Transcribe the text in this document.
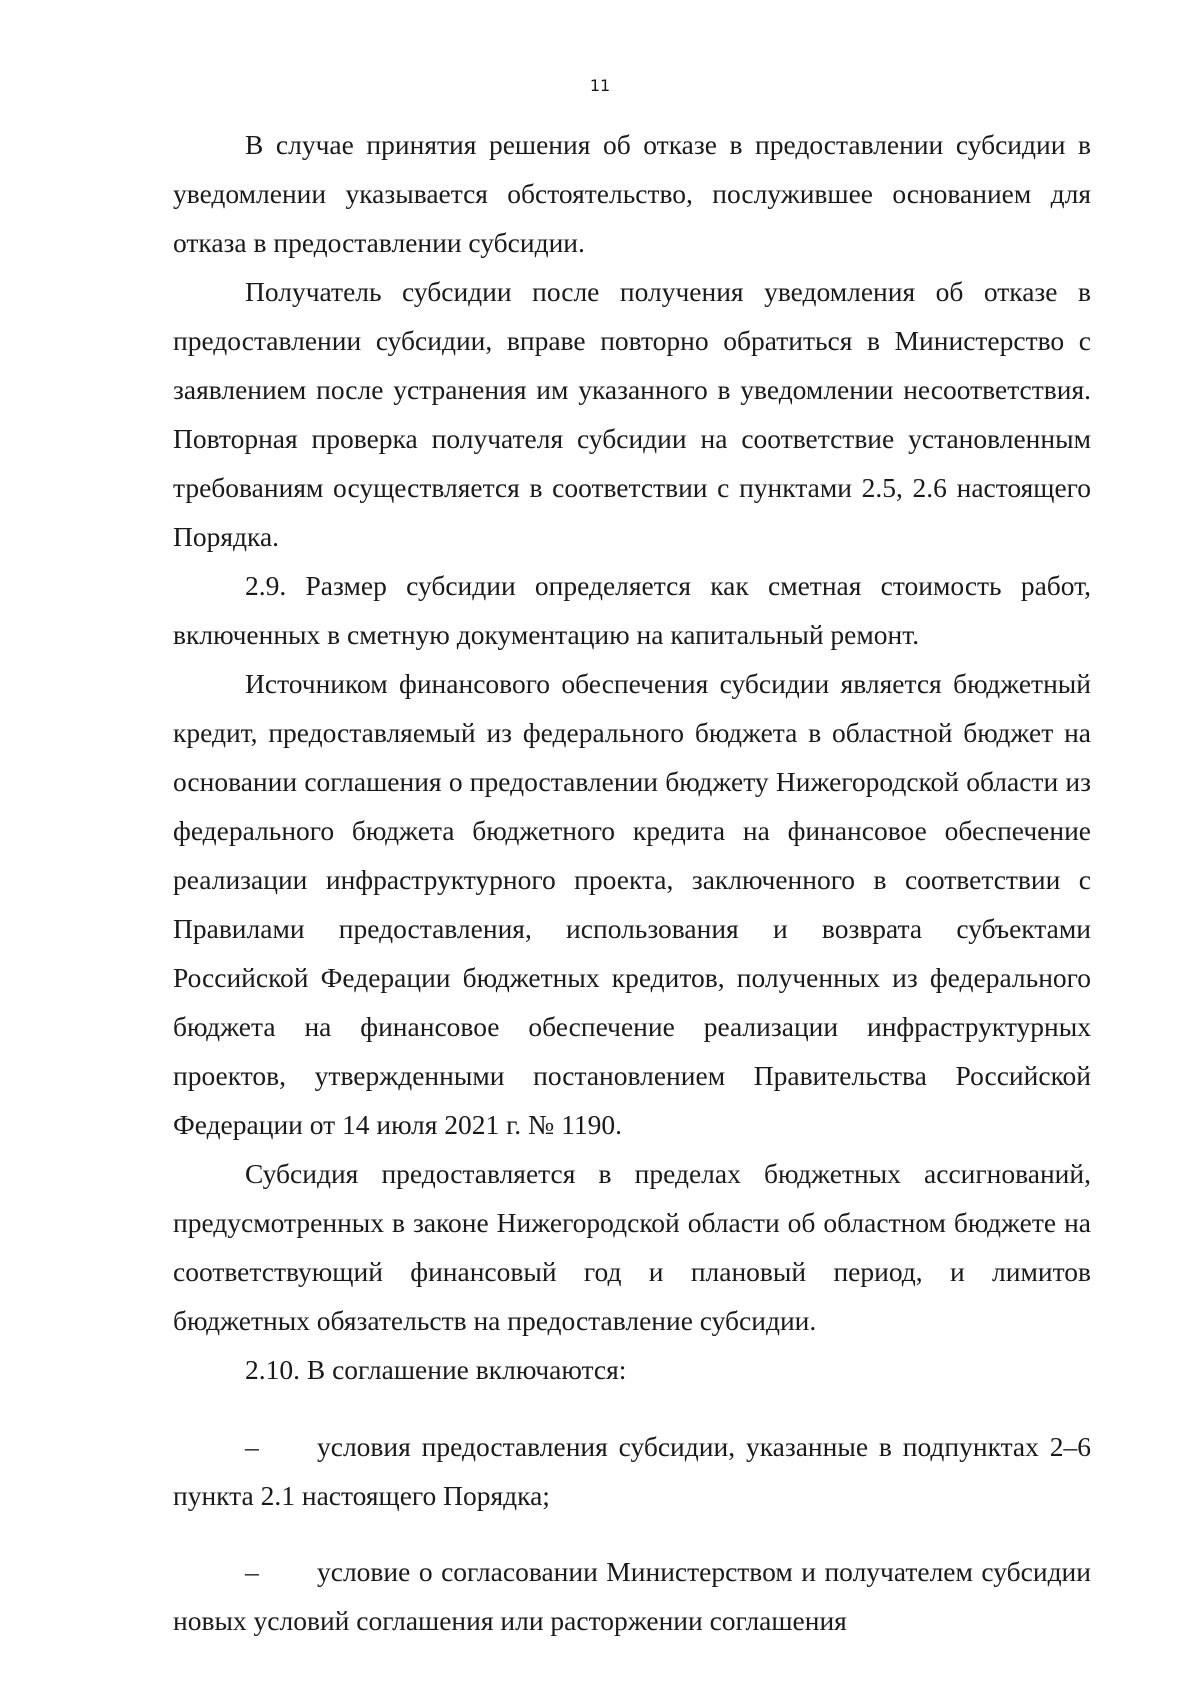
11

В случае принятия решения об отказе в предоставлении субсидии в уведомлении указывается обстоятельство, послужившее основанием для отказа в предоставлении субсидии.

Получатель субсидии после получения уведомления об отказе в предоставлении субсидии, вправе повторно обратиться в Министерство с заявлением после устранения им указанного в уведомлении несоответствия. Повторная проверка получателя субсидии на соответствие установленным требованиям осуществляется в соответствии с пунктами 2.5, 2.6 настоящего Порядка.

2.9. Размер субсидии определяется как сметная стоимость работ, включенных в сметную документацию на капитальный ремонт.

Источником финансового обеспечения субсидии является бюджетный кредит, предоставляемый из федерального бюджета в областной бюджет на основании соглашения о предоставлении бюджету Нижегородской области из федерального бюджета бюджетного кредита на финансовое обеспечение реализации инфраструктурного проекта, заключенного в соответствии с Правилами предоставления, использования и возврата субъектами Российской Федерации бюджетных кредитов, полученных из федерального бюджета на финансовое обеспечение реализации инфраструктурных проектов, утвержденными постановлением Правительства Российской Федерации от 14 июля 2021 г. № 1190.

Субсидия предоставляется в пределах бюджетных ассигнований, предусмотренных в законе Нижегородской области об областном бюджете на соответствующий финансовый год и плановый период, и лимитов бюджетных обязательств на предоставление субсидии.

2.10. В соглашение включаются:

– условия предоставления субсидии, указанные в подпунктах 2–6 пункта 2.1 настоящего Порядка;

– условие о согласовании Министерством и получателем субсидии новых условий соглашения или расторжении соглашения
